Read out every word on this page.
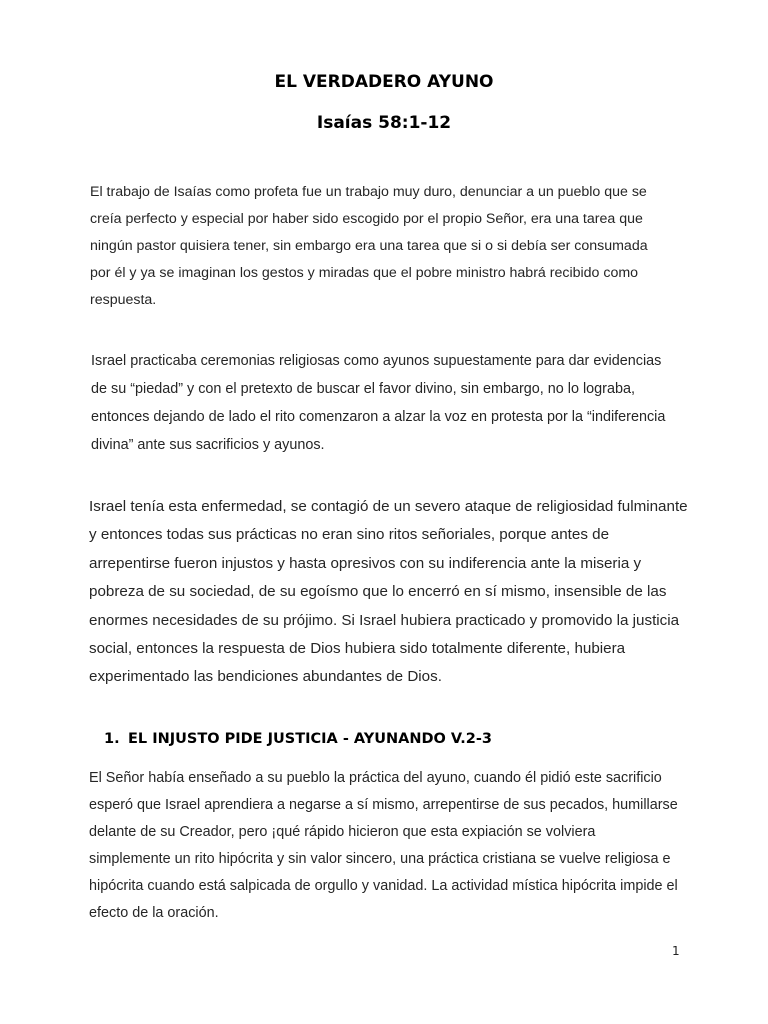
EL VERDADERO AYUNO
Isaías 58:1-12

El trabajo de Isaías como profeta fue un trabajo muy duro, denunciar a un pueblo que se creía perfecto y especial por haber sido escogido por el propio Señor, era una tarea que ningún pastor quisiera tener, sin embargo era una tarea que si o si debía ser consumada por él y ya se imaginan los gestos y miradas que el pobre ministro habrá recibido como respuesta.

Israel practicaba ceremonias religiosas como ayunos supuestamente para dar evidencias de su “piedad” y con el pretexto de buscar el favor divino, sin embargo, no lo lograba, entonces dejando de lado el rito comenzaron a alzar la voz en protesta por la “indiferencia divina” ante sus sacrificios y ayunos.

Israel tenía esta enfermedad, se contagió de un severo ataque de religiosidad fulminante y entonces todas sus prácticas no eran sino ritos señoriales, porque antes de arrepentirse fueron injustos y hasta opresivos con su indiferencia ante la miseria y pobreza de su sociedad, de su egoísmo que lo encerró en sí mismo, insensible de las enormes necesidades de su prójimo. Si Israel hubiera practicado y promovido la justicia social, entonces la respuesta de Dios hubiera sido totalmente diferente, hubiera experimentado las bendiciones abundantes de Dios.

1. EL INJUSTO PIDE JUSTICIA - AYUNANDO V.2-3

El Señor había enseñado a su pueblo la práctica del ayuno, cuando él pidió este sacrificio esperó que Israel aprendiera a negarse a sí mismo, arrepentirse de sus pecados, humillarse delante de su Creador, pero ¡qué rápido hicieron que esta expiación se volviera simplemente un rito hipócrita y sin valor sincero, una práctica cristiana se vuelve religiosa e hipócrita cuando está salpicada de orgullo y vanidad. La actividad mística hipócrita impide el efecto de la oración.

1
